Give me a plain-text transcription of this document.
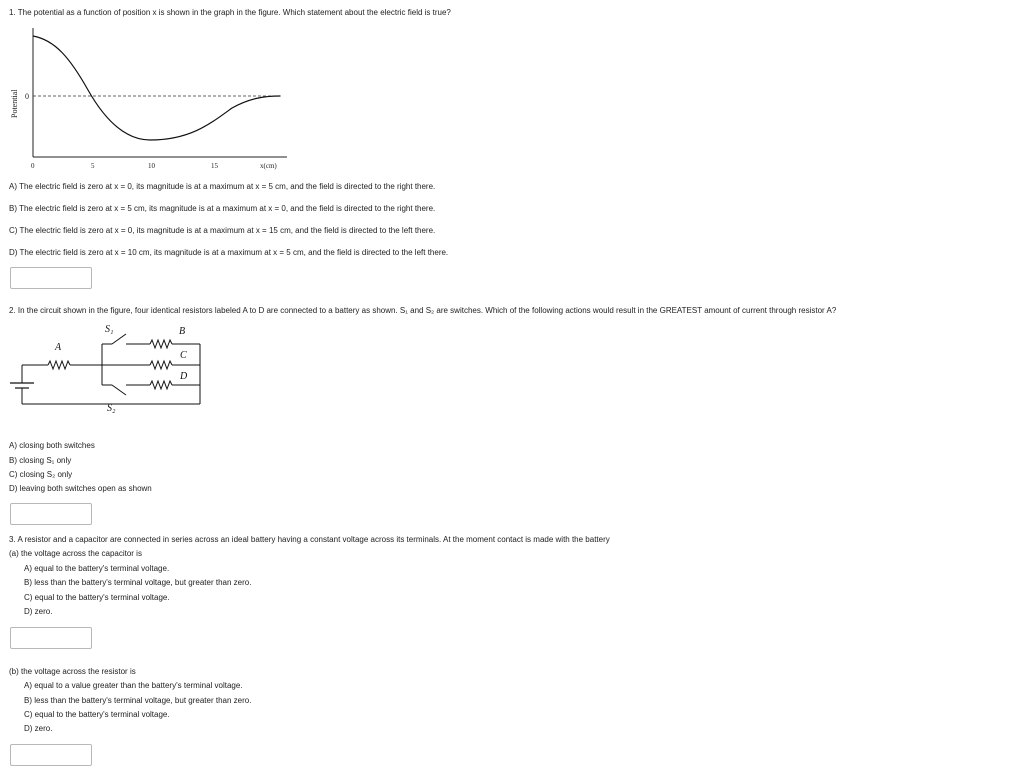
1. The potential as a function of position x is shown in the graph in the figure. Which statement about the electric field is true?
Potential 0
0	5	10	15	x(cm)
A) The electric field is zero at x = 0, its magnitude is at a maximum at x = 5 cm, and the field is directed to the right there.
B) The electric field is zero at x = 5 cm, its magnitude is at a maximum at x = 0, and the field is directed to the right there.
C) The electric field is zero at x = 0, its magnitude is at a maximum at x = 15 cm, and the field is directed to the left there.
D) The electric field is zero at x = 10 cm, its magnitude is at a maximum at x = 5 cm, and the field is directed to the left there.
2. In the circuit shown in the figure, four identical resistors labeled A to D are connected to a battery as shown. S₁ and S₂ are switches. Which of the following actions would result in the GREATEST amount of current through resistor A?
A
S₁	B
C
S₂
D
A) closing both switches
B) closing S₁ only
C) closing S₂ only
D) leaving both switches open as shown
3. A resistor and a capacitor are connected in series across an ideal battery having a constant voltage across its terminals. At the moment contact is made with the battery
(a) the voltage across the capacitor is
A) equal to the battery's terminal voltage.
B) less than the battery's terminal voltage, but greater than zero.
C) equal to the battery's terminal voltage.
D) zero.
(b) the voltage across the resistor is
A) equal to a value greater than the battery's terminal voltage.
B) less than the battery's terminal voltage, but greater than zero.
C) equal to the battery's terminal voltage.
D) zero.
